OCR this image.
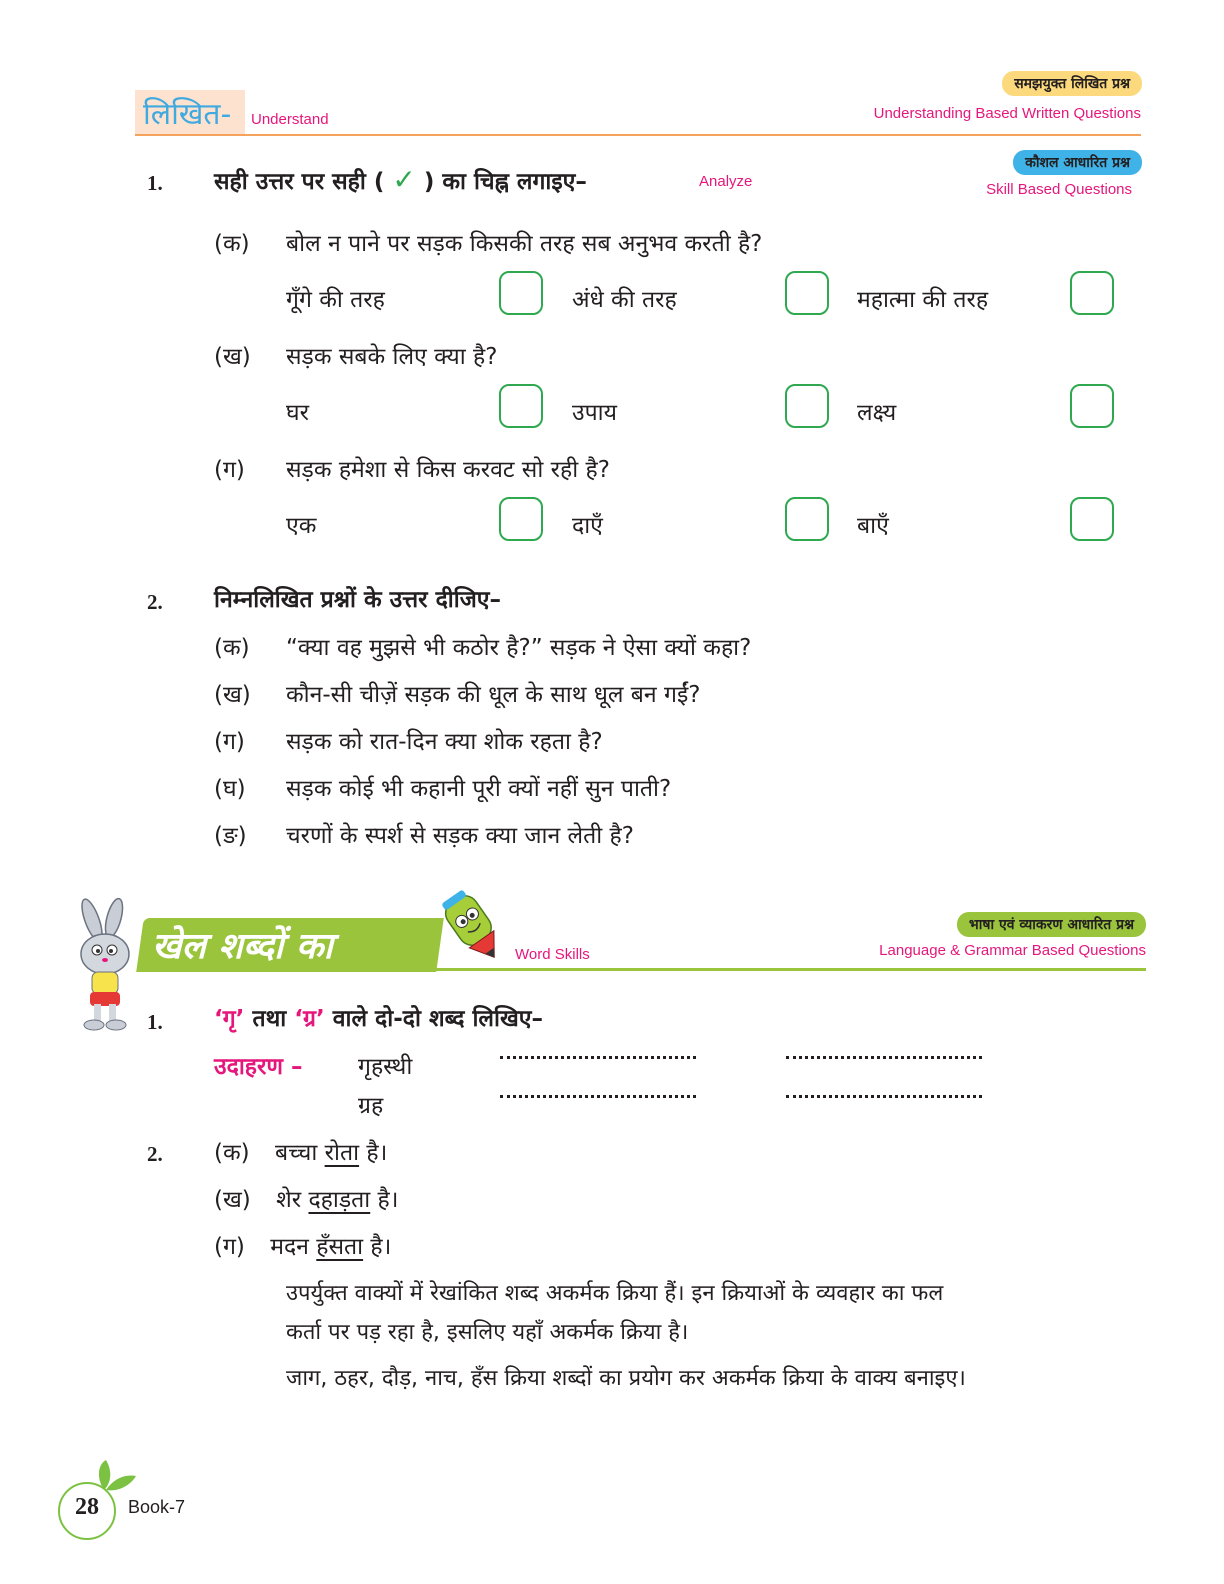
लिखित- Understand
समझयुक्त लिखित प्रश्न
Understanding Based Written Questions
कौशल आधारित प्रश्न
Skill Based Questions
1. सही उत्तर पर सही ( ✓ ) का चिह्न लगाइए–	Analyze
(क) बोल न पाने पर सड़क किसकी तरह सब अनुभव करती है?
गूँगे की तरह	अंधे की तरह	महात्मा की तरह
(ख) सड़क सबके लिए क्या है?
घर	उपाय	लक्ष्य
(ग) सड़क हमेशा से किस करवट सो रही है?
एक	दाएँ	बाएँ
2. निम्नलिखित प्रश्नों के उत्तर दीजिए–
(क) “क्या वह मुझसे भी कठोर है?” सड़क ने ऐसा क्यों कहा?
(ख) कौन-सी चीज़ें सड़क की धूल के साथ धूल बन गईं?
(ग) सड़क को रात-दिन क्या शोक रहता है?
(घ) सड़क कोई भी कहानी पूरी क्यों नहीं सुन पाती?
(ङ) चरणों के स्पर्श से सड़क क्या जान लेती है?
खेल शब्दों का	Word Skills
भाषा एवं व्याकरण आधारित प्रश्न
Language & Grammar Based Questions
1. ‘गृ’ तथा ‘ग्र’ वाले दो-दो शब्द लिखिए–
उदाहरण – गृहस्थी
ग्रह
2. (क) बच्चा रोता है।
(ख) शेर दहाड़ता है।
(ग) मदन हँसता है।
उपर्युक्त वाक्यों में रेखांकित शब्द अकर्मक क्रिया हैं। इन क्रियाओं के व्यवहार का फल
कर्ता पर पड़ रहा है, इसलिए यहाँ अकर्मक क्रिया है।
जाग, ठहर, दौड़, नाच, हँस क्रिया शब्दों का प्रयोग कर अकर्मक क्रिया के वाक्य बनाइए।
28	Book-7
